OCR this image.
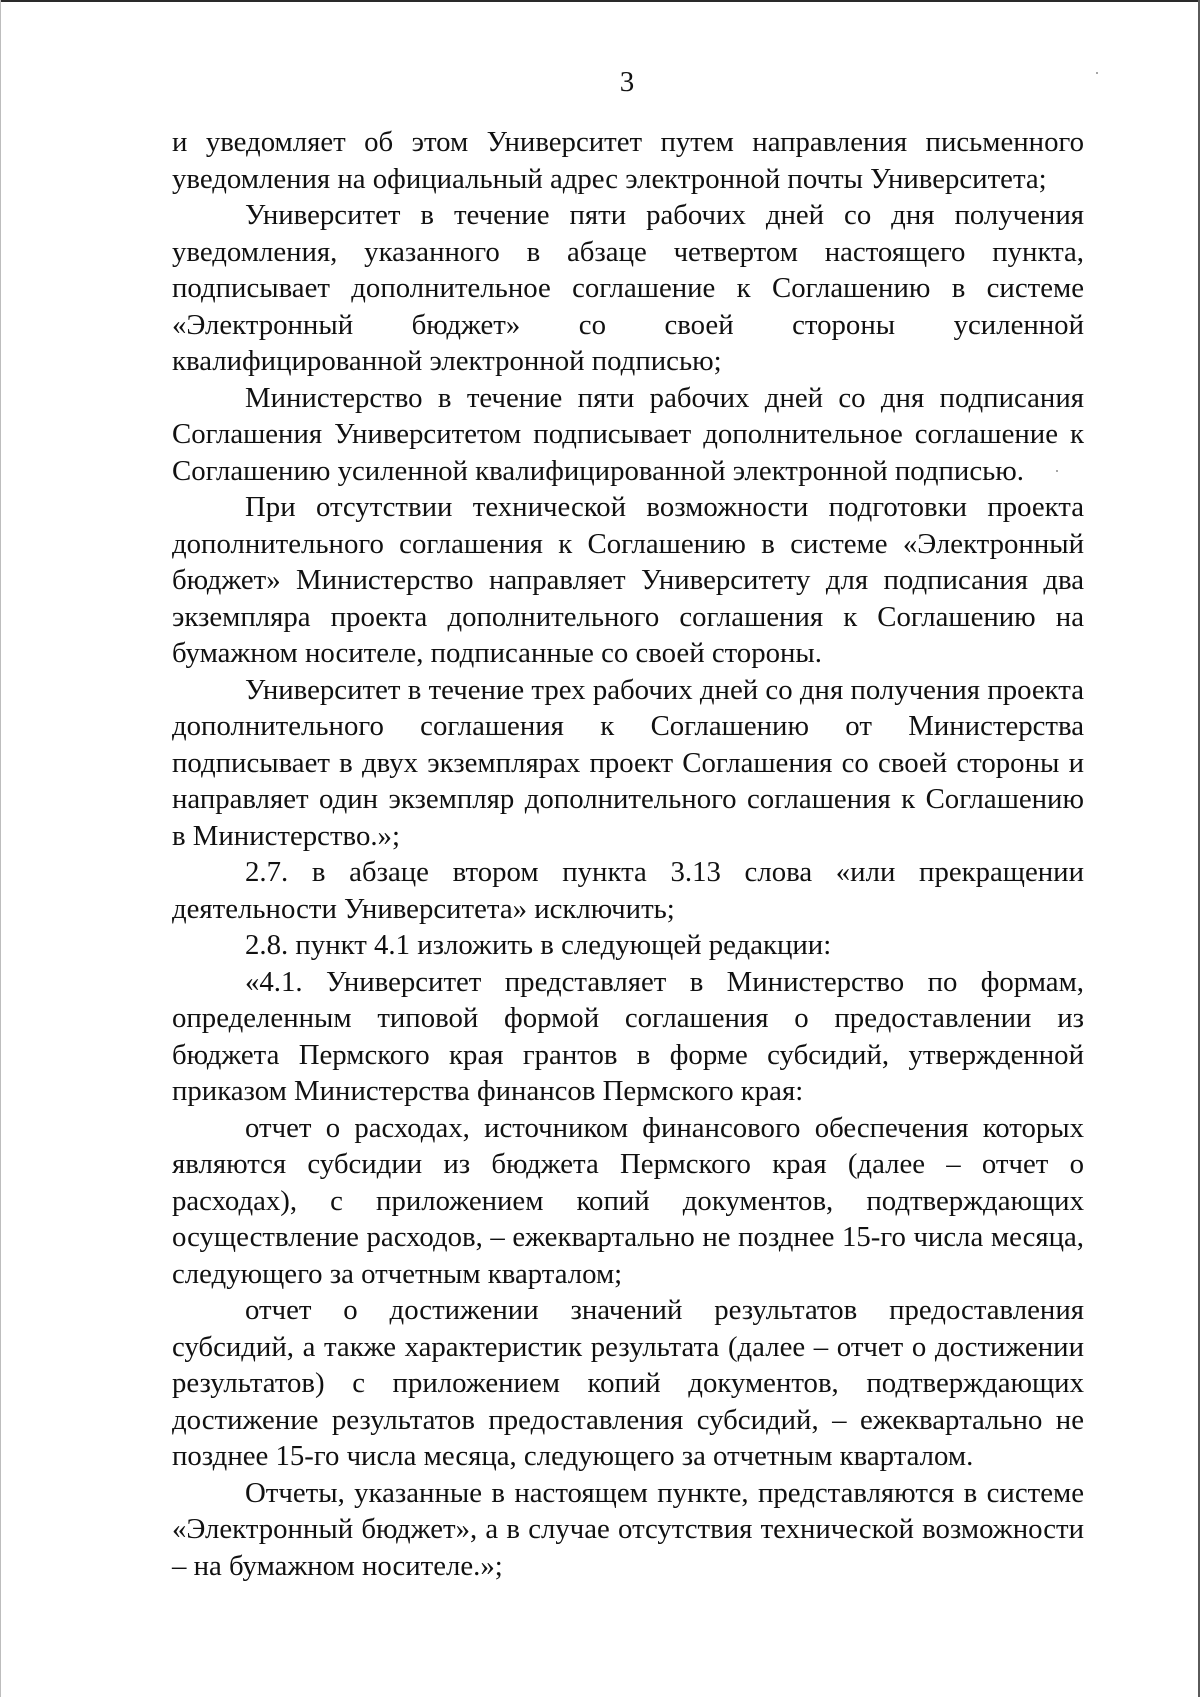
3

и уведомляет об этом Университет путем направления письменного уведомления на официальный адрес электронной почты Университета;

Университет в течение пяти рабочих дней со дня получения уведомления, указанного в абзаце четвертом настоящего пункта, подписывает дополнительное соглашение к Соглашению в системе «Электронный бюджет» со своей стороны усиленной квалифицированной электронной подписью;

Министерство в течение пяти рабочих дней со дня подписания Соглашения Университетом подписывает дополнительное соглашение к Соглашению усиленной квалифицированной электронной подписью.

При отсутствии технической возможности подготовки проекта дополнительного соглашения к Соглашению в системе «Электронный бюджет» Министерство направляет Университету для подписания два экземпляра проекта дополнительного соглашения к Соглашению на бумажном носителе, подписанные со своей стороны.

Университет в течение трех рабочих дней со дня получения проекта дополнительного соглашения к Соглашению от Министерства подписывает в двух экземплярах проект Соглашения со своей стороны и направляет один экземпляр дополнительного соглашения к Соглашению в Министерство.»;

2.7. в абзаце втором пункта 3.13 слова «или прекращении деятельности Университета» исключить;

2.8. пункт 4.1 изложить в следующей редакции:

«4.1. Университет представляет в Министерство по формам, определенным типовой формой соглашения о предоставлении из бюджета Пермского края грантов в форме субсидий, утвержденной приказом Министерства финансов Пермского края:

отчет о расходах, источником финансового обеспечения которых являются субсидии из бюджета Пермского края (далее – отчет о расходах), с приложением копий документов, подтверждающих осуществление расходов, – ежеквартально не позднее 15-го числа месяца, следующего за отчетным кварталом;

отчет о достижении значений результатов предоставления субсидий, а также характеристик результата (далее – отчет о достижении результатов) с приложением копий документов, подтверждающих достижение результатов предоставления субсидий, – ежеквартально не позднее 15-го числа месяца, следующего за отчетным кварталом.

Отчеты, указанные в настоящем пункте, представляются в системе «Электронный бюджет», а в случае отсутствия технической возможности – на бумажном носителе.»;
